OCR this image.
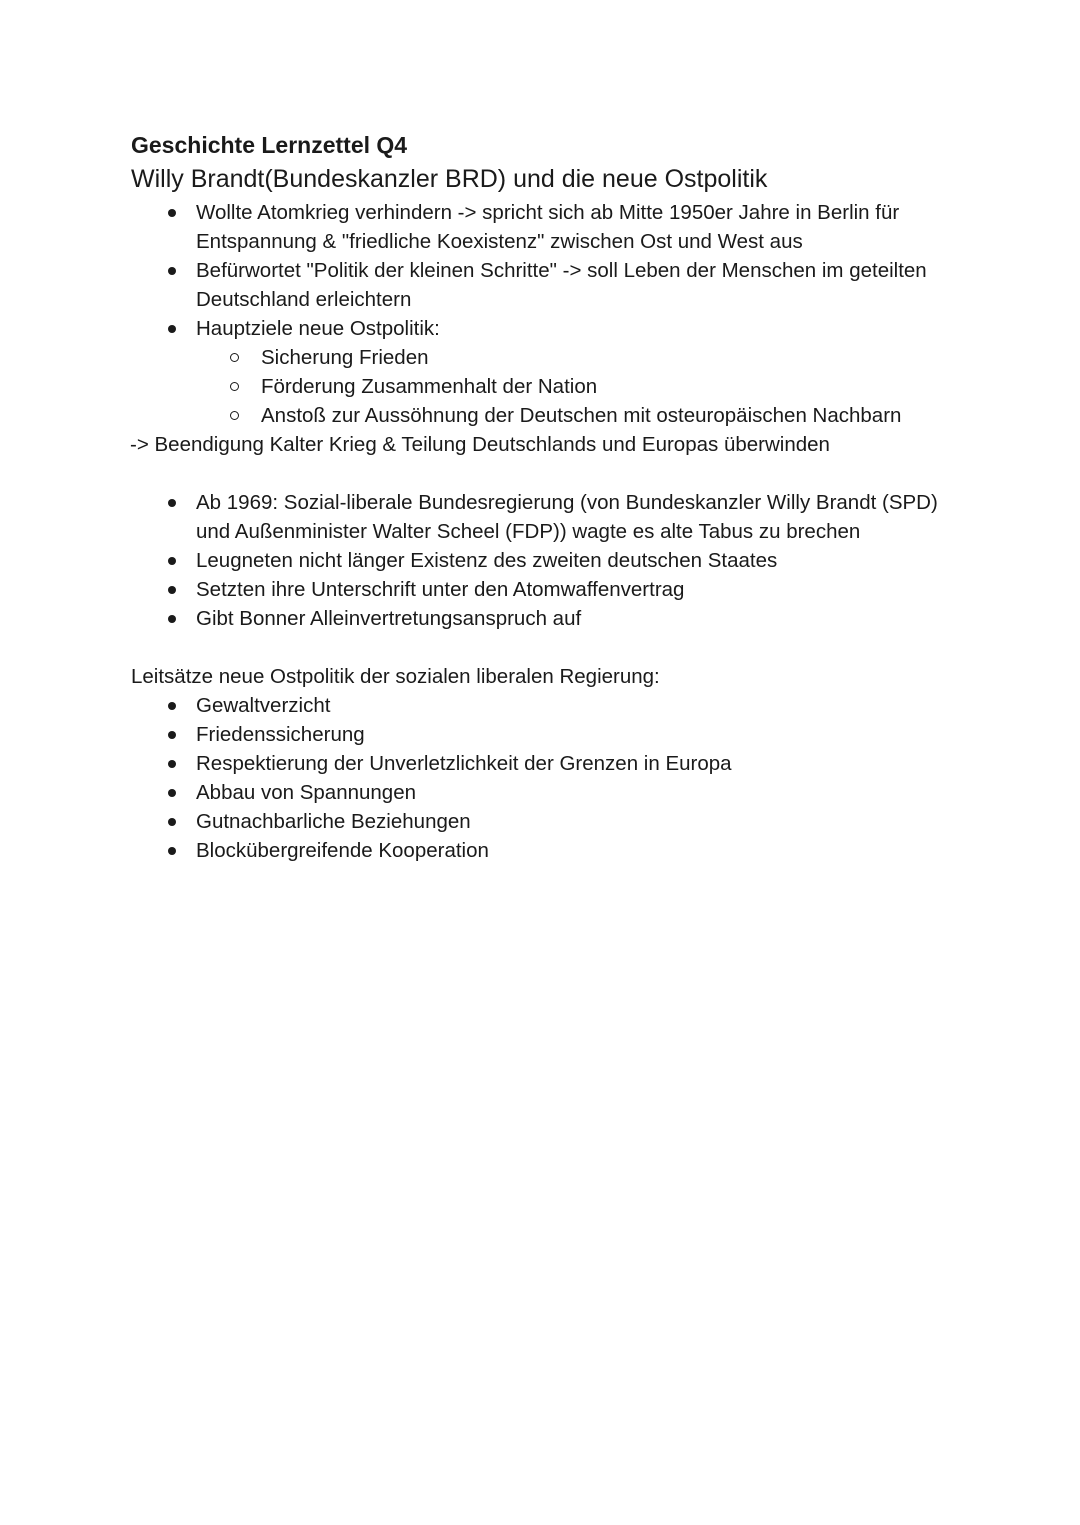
Geschichte Lernzettel Q4
Willy Brandt(Bundeskanzler BRD) und die neue Ostpolitik
Wollte Atomkrieg verhindern -> spricht sich ab Mitte 1950er Jahre in Berlin für Entspannung & "friedliche Koexistenz" zwischen Ost und West aus
Befürwortet "Politik der kleinen Schritte" -> soll Leben der Menschen im geteilten Deutschland erleichtern
Hauptziele neue Ostpolitik:
Sicherung Frieden
Förderung Zusammenhalt der Nation
Anstoß zur Aussöhnung der Deutschen mit osteuropäischen Nachbarn

-> Beendigung Kalter Krieg & Teilung Deutschlands und Europas überwinden

Ab 1969: Sozial-liberale Bundesregierung (von Bundeskanzler Willy Brandt (SPD) und Außenminister Walter Scheel (FDP)) wagte es alte Tabus zu brechen
Leugneten nicht länger Existenz des zweiten deutschen Staates
Setzten ihre Unterschrift unter den Atomwaffenvertrag
Gibt Bonner Alleinvertretungsanspruch auf

Leitsätze neue Ostpolitik der sozialen liberalen Regierung:

Gewaltverzicht
Friedenssicherung
Respektierung der Unverletzlichkeit der Grenzen in Europa
Abbau von Spannungen
Gutnachbarliche Beziehungen
Blockübergreifende Kooperation
